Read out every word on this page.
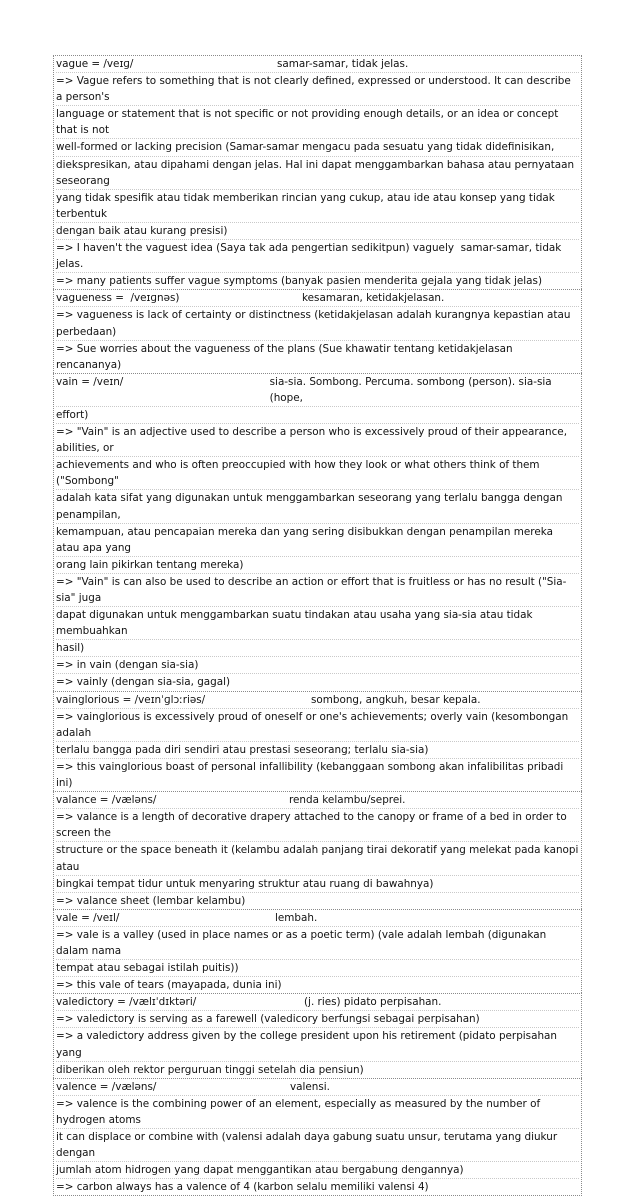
vague = /veɪɡ/	samar-samar, tidak jelas.
=> Vague refers to something that is not clearly defined, expressed or understood. It can describe a person's
language or statement that is not specific or not providing enough details, or an idea or concept that is not
well-formed or lacking precision (Samar-samar mengacu pada sesuatu yang tidak didefinisikan,
diekspresikan, atau dipahami dengan jelas. Hal ini dapat menggambarkan bahasa atau pernyataan seseorang
yang tidak spesifik atau tidak memberikan rincian yang cukup, atau ide atau konsep yang tidak terbentuk
dengan baik atau kurang presisi)
=> I haven't the vaguest idea (Saya tak ada pengertian sedikitpun) vaguely  samar-samar, tidak jelas.
=> many patients suffer vague symptoms (banyak pasien menderita gejala yang tidak jelas)
vagueness =  /veɪɡnəs)	kesamaran, ketidakjelasan.
=> vagueness is lack of certainty or distinctness (ketidakjelasan adalah kurangnya kepastian atau perbedaan)
=> Sue worries about the vagueness of the plans (Sue khawatir tentang ketidakjelasan rencananya)
vain = /veɪn/	sia-sia. Sombong. Percuma. sombong (person). sia-sia (hope,
effort)
=> "Vain" is an adjective used to describe a person who is excessively proud of their appearance, abilities, or
achievements and who is often preoccupied with how they look or what others think of them ("Sombong"
adalah kata sifat yang digunakan untuk menggambarkan seseorang yang terlalu bangga dengan penampilan,
kemampuan, atau pencapaian mereka dan yang sering disibukkan dengan penampilan mereka atau apa yang
orang lain pikirkan tentang mereka)
=> "Vain" is can also be used to describe an action or effort that is fruitless or has no result ("Sia-sia" juga
dapat digunakan untuk menggambarkan suatu tindakan atau usaha yang sia-sia atau tidak membuahkan
hasil)
=> in vain (dengan sia-sia)
=> vainly (dengan sia-sia, gagal)
vainglorious = /veɪnˈɡlɔːriəs/	sombong, angkuh, besar kepala.
=> vainglorious is excessively proud of oneself or one's achievements; overly vain (kesombongan adalah
terlalu bangga pada diri sendiri atau prestasi seseorang; terlalu sia-sia)
=> this vainglorious boast of personal infallibility (kebanggaan sombong akan infalibilitas pribadi ini)
valance = /væləns/	renda kelambu/seprei.
=> valance is a length of decorative drapery attached to the canopy or frame of a bed in order to screen the
structure or the space beneath it (kelambu adalah panjang tirai dekoratif yang melekat pada kanopi atau
bingkai tempat tidur untuk menyaring struktur atau ruang di bawahnya)
=> valance sheet (lembar kelambu)
vale = /veɪl/	lembah.
=> vale is a valley (used in place names or as a poetic term) (vale adalah lembah (digunakan dalam nama
tempat atau sebagai istilah puitis))
=> this vale of tears (mayapada, dunia ini)
valedictory = /vælɪˈdɪktəri/	(j. ries) pidato perpisahan.
=> valedictory is serving as a farewell (valedicory berfungsi sebagai perpisahan)
=> a valedictory address given by the college president upon his retirement (pidato perpisahan yang
diberikan oleh rektor perguruan tinggi setelah dia pensiun)
valence = /væləns/	valensi.
=> valence is the combining power of an element, especially as measured by the number of hydrogen atoms
it can displace or combine with (valensi adalah daya gabung suatu unsur, terutama yang diukur dengan
jumlah atom hidrogen yang dapat menggantikan atau bergabung dengannya)
=> carbon always has a valence of 4 (karbon selalu memiliki valensi 4)
